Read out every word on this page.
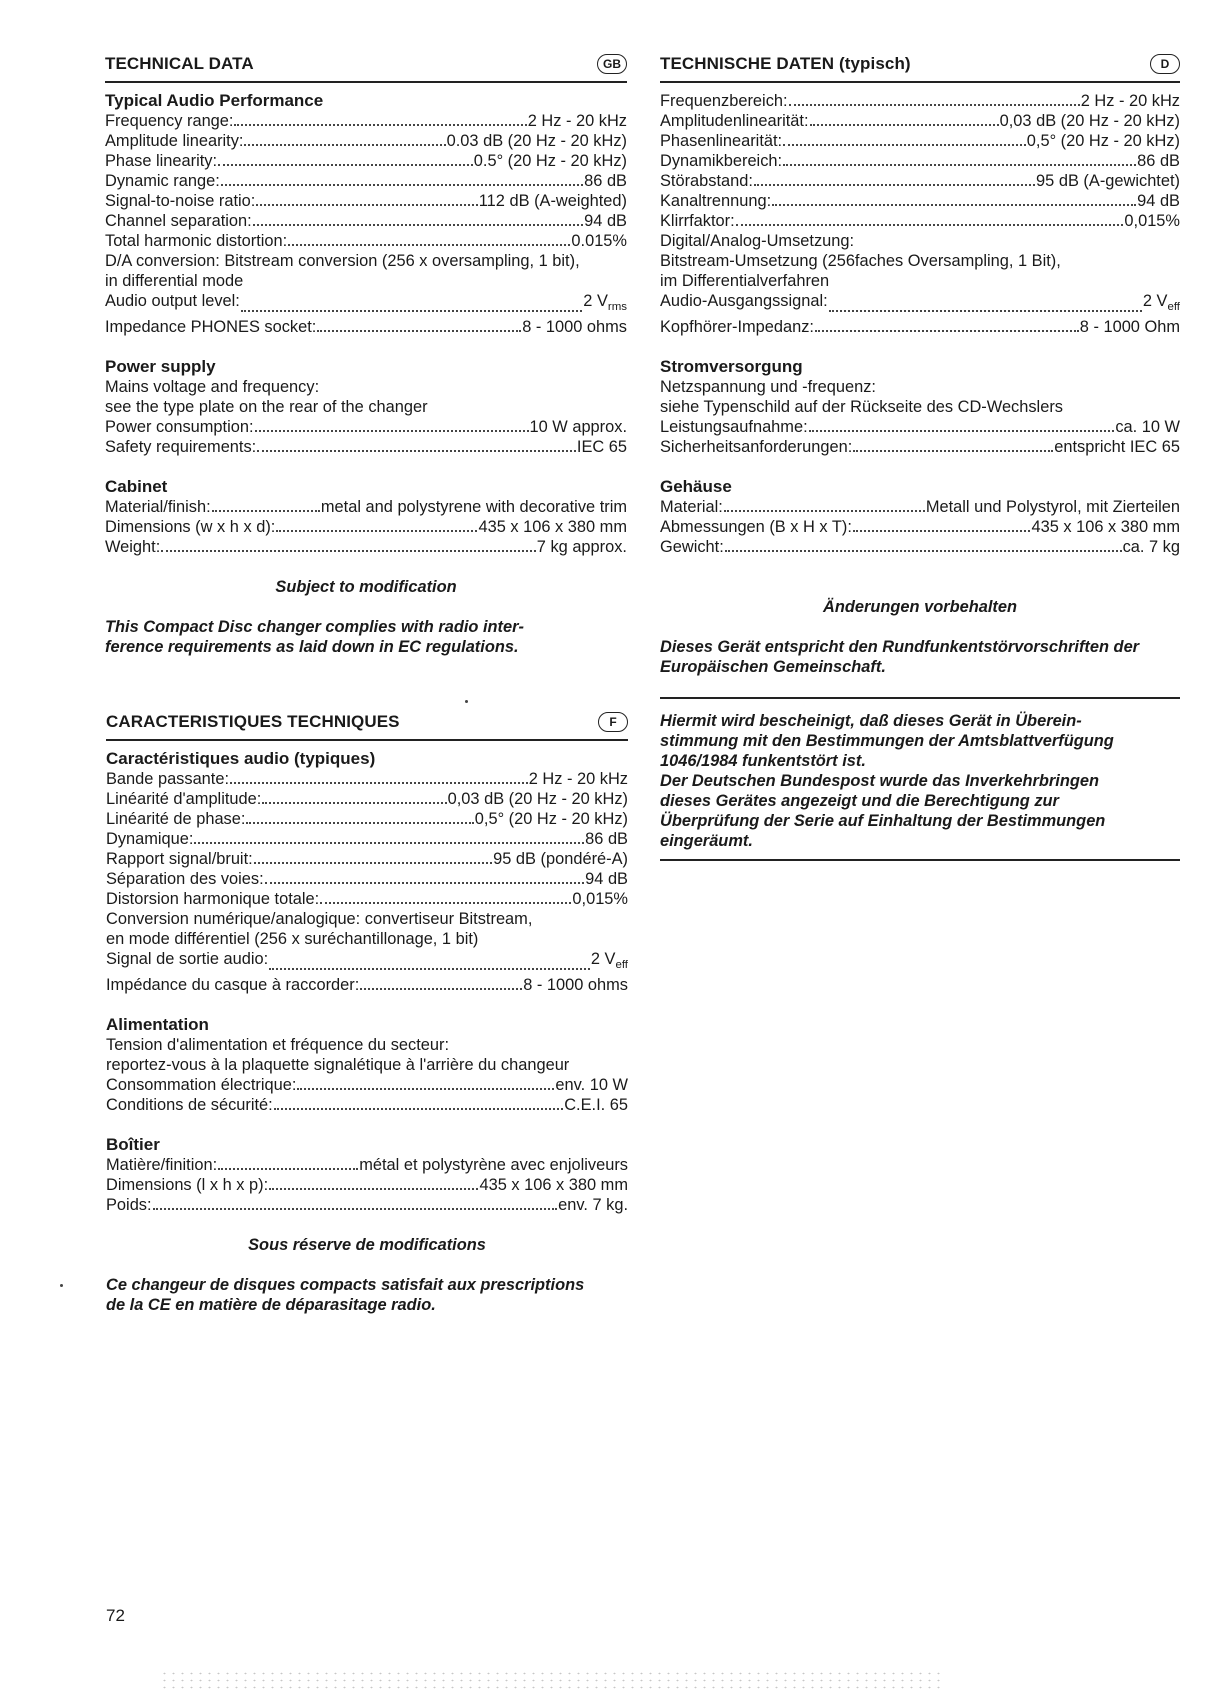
TECHNICAL DATA	GB
Typical Audio Performance
Frequency range:	2 Hz - 20 kHz
Amplitude linearity:	0.03 dB (20 Hz - 20 kHz)
Phase linearity:	0.5° (20 Hz - 20 kHz)
Dynamic range:	86 dB
Signal-to-noise ratio:	112 dB (A-weighted)
Channel separation:	94 dB
Total harmonic distortion:	0.015%
D/A conversion: Bitstream conversion (256 x oversampling, 1 bit),
in differential mode
Audio output level:	2 $V_{rms}$
Impedance PHONES socket:	8 - 1000 ohms
Power supply
Mains voltage and frequency:
see the type plate on the rear of the changer
Power consumption:	10 W approx.
Safety requirements:	IEC 65
Cabinet
Material/finish:	metal and polystyrene with decorative trim
Dimensions (w x h x d):	435 x 106 x 380 mm
Weight:	7 kg approx.
Subject to modification
This Compact Disc changer complies with radio inter-
ference requirements as laid down in EC regulations.
CARACTERISTIQUES TECHNIQUES	F
Caractéristiques audio (typiques)
Bande passante:	2 Hz - 20 kHz
Linéarité d'amplitude:	0,03 dB (20 Hz - 20 kHz)
Linéarité de phase:	0,5° (20 Hz - 20 kHz)
Dynamique:	86 dB
Rapport signal/bruit:	95 dB (pondéré-A)
Séparation des voies:	94 dB
Distorsion harmonique totale:	0,015%
Conversion numérique/analogique: convertiseur Bitstream,
en mode différentiel (256 x suréchantillonage, 1 bit)
Signal de sortie audio:	2 $V_{eff}$
Impédance du casque à raccorder:	8 - 1000 ohms
Alimentation
Tension d'alimentation et fréquence du secteur:
reportez-vous à la plaquette signalétique à l'arrière du changeur
Consommation électrique:	env. 10 W
Conditions de sécurité:	C.E.I. 65
Boîtier
Matière/finition:	métal et polystyrène avec enjoliveurs
Dimensions (l x h x p):	435 x 106 x 380 mm
Poids:	env. 7 kg.
Sous réserve de modifications
Ce changeur de disques compacts satisfait aux prescriptions
de la CE en matière de déparasitage radio.
TECHNISCHE DATEN (typisch)	D
Frequenzbereich:	2 Hz - 20 kHz
Amplitudenlinearität:	0,03 dB (20 Hz - 20 kHz)
Phasenlinearität:	0,5° (20 Hz - 20 kHz)
Dynamikbereich:	86 dB
Störabstand:	95 dB (A-gewichtet)
Kanaltrennung:	94 dB
Klirrfaktor:	0,015%
Digital/Analog-Umsetzung:
Bitstream-Umsetzung (256faches Oversampling, 1 Bit),
im Differentialverfahren
Audio-Ausgangssignal:	2 $V_{eff}$
Kopfhörer-Impedanz:	8 - 1000 Ohm
Stromversorgung
Netzspannung und -frequenz:
siehe Typenschild auf der Rückseite des CD-Wechslers
Leistungsaufnahme:	ca. 10 W
Sicherheitsanforderungen:	entspricht IEC 65
Gehäuse
Material:	Metall und Polystyrol, mit Zierteilen
Abmessungen (B x H x T):	435 x 106 x 380 mm
Gewicht:	ca. 7 kg
Änderungen vorbehalten
Dieses Gerät entspricht den Rundfunkentstörvorschriften der
Europäischen Gemeinschaft.
Hiermit wird bescheinigt, daß dieses Gerät in Überein-
stimmung mit den Bestimmungen der Amtsblattverfügung
1046/1984 funkentstört ist.
Der Deutschen Bundespost wurde das Inverkehrbringen
dieses Gerätes angezeigt und die Berechtigung zur
Überprüfung der Serie auf Einhaltung der Bestimmungen
eingeräumt.
72
